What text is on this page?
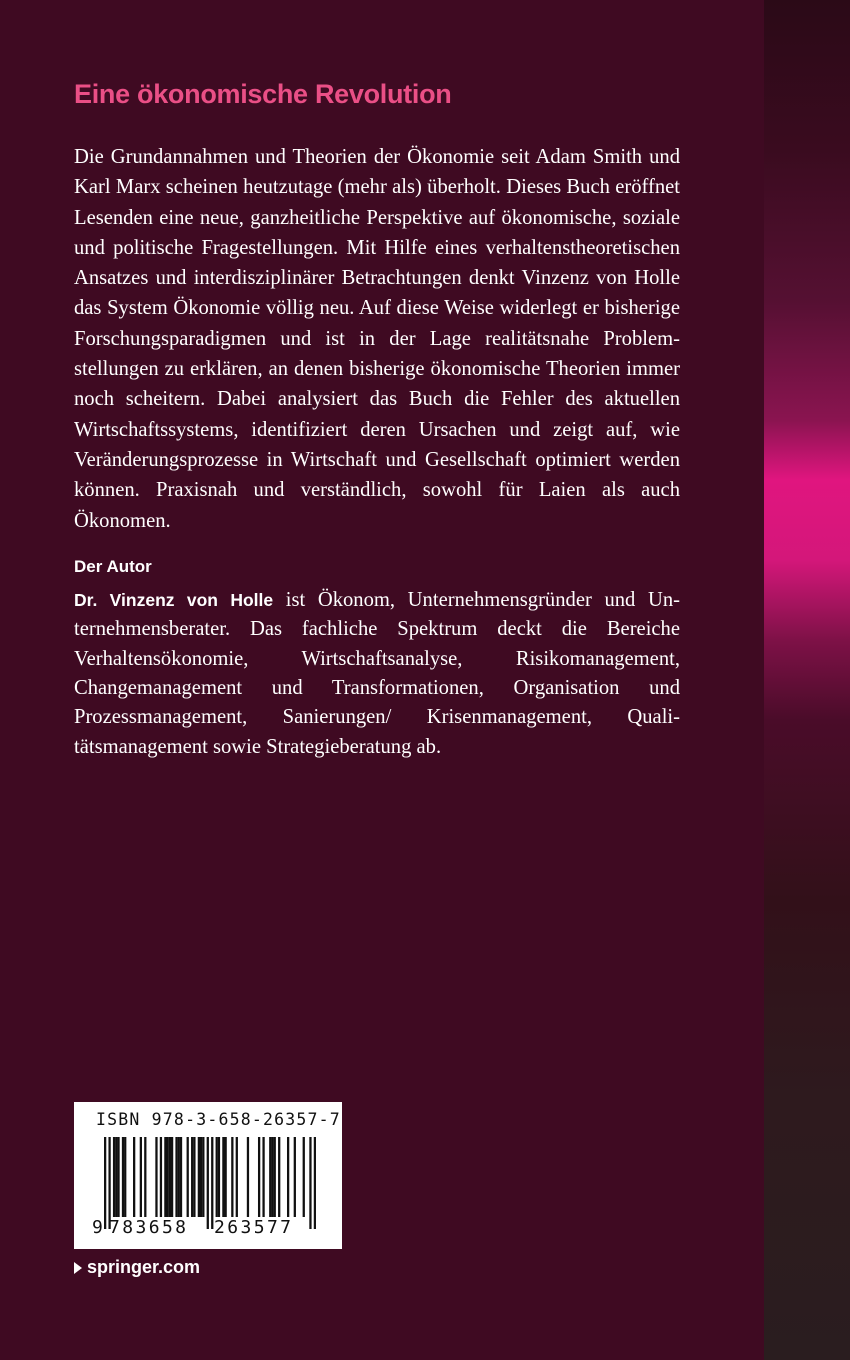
Eine ökonomische Revolution

Die Grundannahmen und Theorien der Ökonomie seit Adam Smith und Karl Marx scheinen heutzutage (mehr als) überholt. Dieses Buch eröffnet Lesenden eine neue, ganzheitliche Perspektive auf ökonomische, soziale und politische Fragestellungen. Mit Hilfe eines verhaltenstheoretischen Ansatzes und interdisziplinärer Betrachtungen denkt Vinzenz von Holle das System Ökonomie völlig neu. Auf diese Weise widerlegt er bisherige Forschungsparadigmen und ist in der Lage realitätsnahe Problemstellungen zu erklären, an denen bisherige ökonomische Theorien immer noch scheitern. Dabei analysiert das Buch die Fehler des aktuellen Wirtschaftssystems, identifiziert deren Ursachen und zeigt auf, wie Veränderungsprozesse in Wirtschaft und Gesellschaft optimiert werden können. Praxisnah und verständlich, sowohl für Laien als auch Ökonomen.

Der Autor

Dr. Vinzenz von Holle ist Ökonom, Unternehmensgründer und Unternehmensberater. Das fachliche Spektrum deckt die Bereiche Verhaltensökonomie, Wirtschaftsanalyse, Risikomanagement, Changemanagement und Transformationen, Organisation und Prozessmanagement, Sanierungen/ Krisenmanagement, Qualitätsmanagement sowie Strategieberatung ab.

ISBN 978-3-658-26357-7
9 783658 263577
springer.com
